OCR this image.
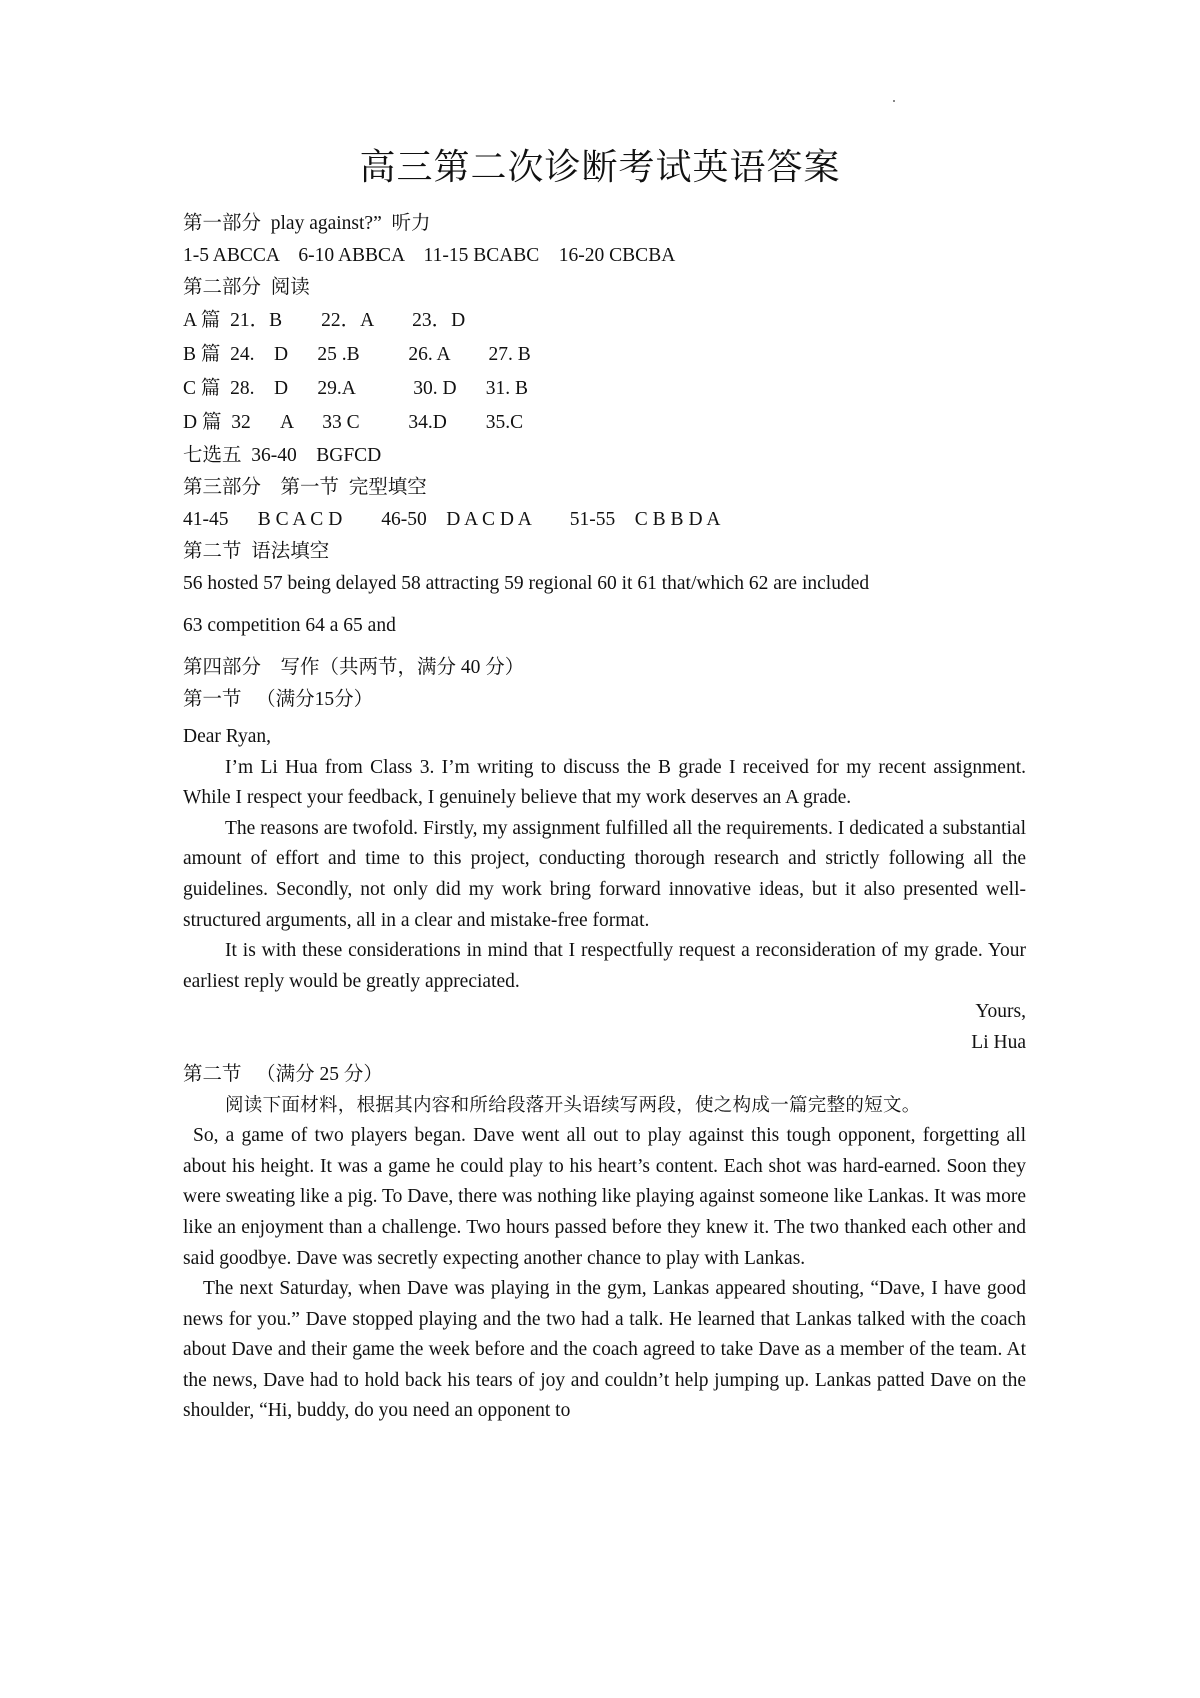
高三第二次诊断考试英语答案
第一部分  play against?”  听力
1-5 ABCCA    6-10 ABBCA    11-15 BCABC    16-20 CBCBA
第二部分  阅读
A 篇  21．B        22．A        23．D
B 篇  24.    D      25 .B          26. A        27. B
C 篇  28.    D      29.A            30. D      31. B
D 篇  32      A      33 C          34.D        35.C
七选五  36-40    BGFCD
第三部分    第一节  完型填空
41-45      B C A C D        46-50    D A C D A        51-55    C B B D A
第二节  语法填空
56 hosted 57 being delayed 58 attracting 59 regional 60 it 61 that/which 62 are included
63 competition 64 a 65 and
第四部分    写作（共两节，满分 40 分）
第一节   （满分15分）

Dear Ryan,

I’m Li Hua from Class 3. I’m writing to discuss the B grade I received for my recent assignment. While I respect your feedback, I genuinely believe that my work deserves an A grade.

The reasons are twofold. Firstly, my assignment fulfilled all the requirements. I dedicated a substantial amount of effort and time to this project, conducting thorough research and strictly following all the guidelines. Secondly, not only did my work bring forward innovative ideas, but it also presented well-structured arguments, all in a clear and mistake-free format.

It is with these considerations in mind that I respectfully request a reconsideration of my grade. Your earliest reply would be greatly appreciated.

Yours,

Li Hua

第二节   （满分 25 分）

阅读下面材料，根据其内容和所给段落开头语续写两段，使之构成一篇完整的短文。

So, a game of two players began. Dave went all out to play against this tough opponent, forgetting all about his height. It was a game he could play to his heart’s content. Each shot was hard-earned. Soon they were sweating like a pig. To Dave, there was nothing like playing against someone like Lankas. It was more like an enjoyment than a challenge. Two hours passed before they knew it. The two thanked each other and said goodbye. Dave was secretly expecting another chance to play with Lankas.

The next Saturday, when Dave was playing in the gym, Lankas appeared shouting, “Dave, I have good news for you.” Dave stopped playing and the two had a talk. He learned that Lankas talked with the coach about Dave and their game the week before and the coach agreed to take Dave as a member of the team. At the news, Dave had to hold back his tears of joy and couldn’t help jumping up. Lankas patted Dave on the shoulder, “Hi, buddy, do you need an opponent to
